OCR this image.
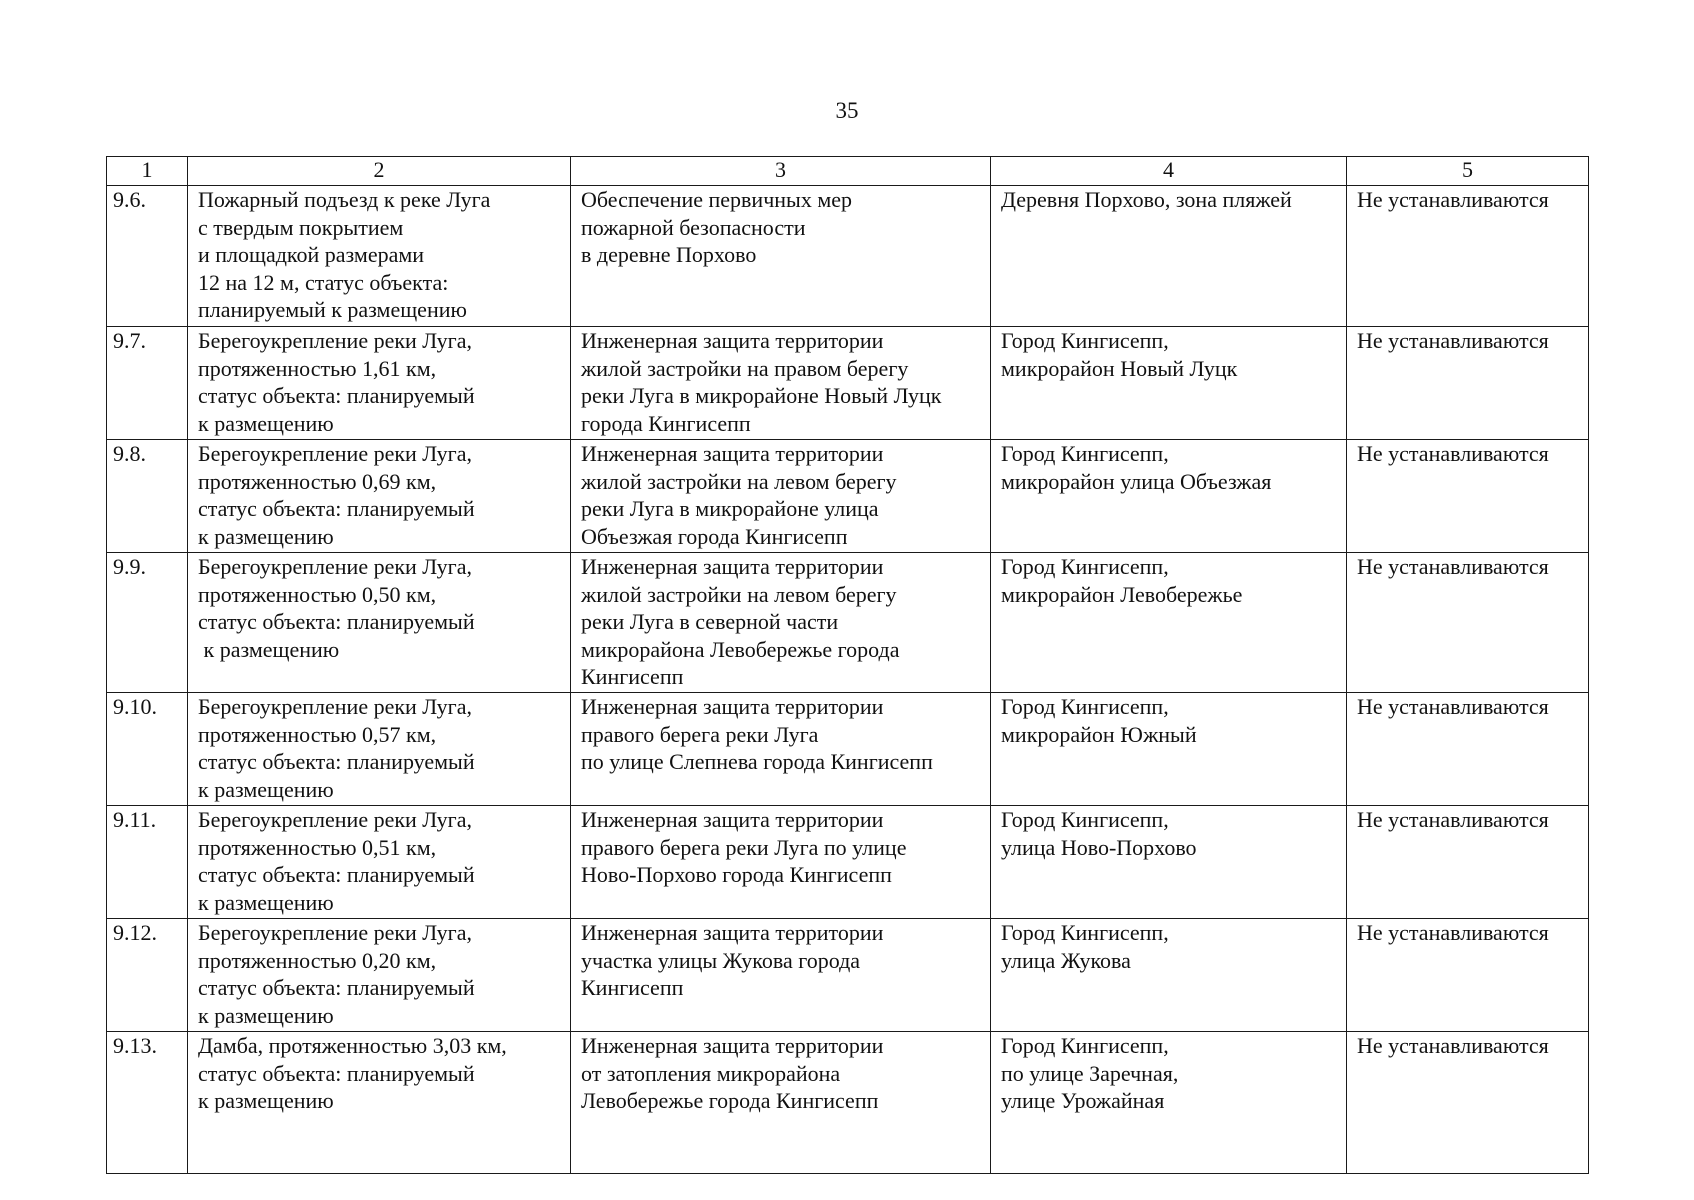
35
1	2	3	4	5

9.6.	Пожарный подъезд к реке Луга
с твердым покрытием
и площадкой размерами
12 на 12 м, статус объекта:
планируемый к размещению	Обеспечение первичных мер
пожарной безопасности
в деревне Порхово	Деревня Порхово, зона пляжей	Не устанавливаются

9.7.	Берегоукрепление реки Луга,
протяженностью 1,61 км,
статус объекта: планируемый
к размещению	Инженерная защита территории
жилой застройки на правом берегу
реки Луга в микрорайоне Новый Луцк
города Кингисепп	Город Кингисепп,
микрорайон Новый Луцк	Не устанавливаются

9.8.	Берегоукрепление реки Луга,
протяженностью 0,69 км,
статус объекта: планируемый
к размещению	Инженерная защита территории
жилой застройки на левом берегу
реки Луга в микрорайоне улица
Объезжая города Кингисепп	Город Кингисепп,
микрорайон улица Объезжая	Не устанавливаются

9.9.	Берегоукрепление реки Луга,
протяженностью 0,50 км,
статус объекта: планируемый
к размещению	Инженерная защита территории
жилой застройки на левом берегу
реки Луга в северной части
микрорайона Левобережье города
Кингисепп	Город Кингисепп,
микрорайон Левобережье	Не устанавливаются

9.10.	Берегоукрепление реки Луга,
протяженностью 0,57 км,
статус объекта: планируемый
к размещению	Инженерная защита территории
правого берега реки Луга
по улице Слепнева города Кингисепп	Город Кингисепп,
микрорайон Южный	Не устанавливаются

9.11.	Берегоукрепление реки Луга,
протяженностью 0,51 км,
статус объекта: планируемый
к размещению	Инженерная защита территории
правого берега реки Луга по улице
Ново-Порхово города Кингисепп	Город Кингисепп,
улица Ново-Порхово	Не устанавливаются

9.12.	Берегоукрепление реки Луга,
протяженностью 0,20 км,
статус объекта: планируемый
к размещению	Инженерная защита территории
участка улицы Жукова города
Кингисепп	Город Кингисепп,
улица Жукова	Не устанавливаются

9.13.	Дамба, протяженностью 3,03 км,
статус объекта: планируемый
к размещению	Инженерная защита территории
от затопления микрорайона
Левобережье города Кингисепп	Город Кингисепп,
по улице Заречная,
улице Урожайная	Не устанавливаются
